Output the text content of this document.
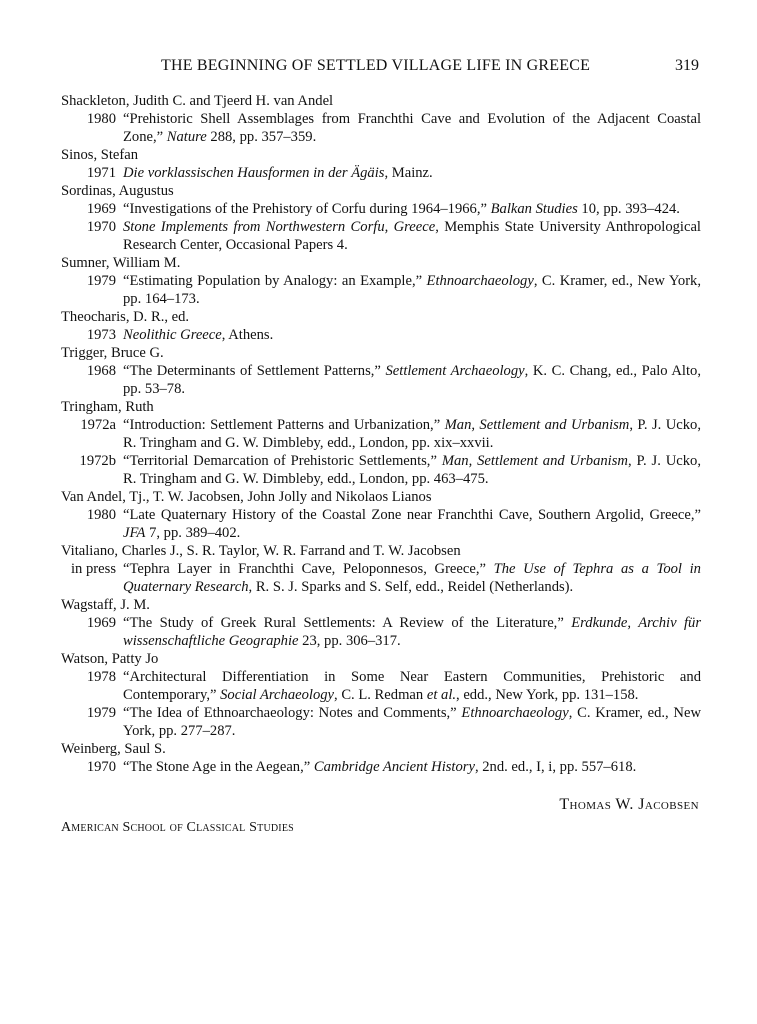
THE BEGINNING OF SETTLED VILLAGE LIFE IN GREECE	319
Shackleton, Judith C. and Tjeerd H. van Andel
1980 “Prehistoric Shell Assemblages from Franchthi Cave and Evolution of the Adjacent Coastal Zone,” Nature 288, pp. 357–359.
Sinos, Stefan
1971 Die vorklassischen Hausformen in der Ägäis, Mainz.
Sordinas, Augustus
1969 “Investigations of the Prehistory of Corfu during 1964–1966,” Balkan Studies 10, pp. 393–424.
1970 Stone Implements from Northwestern Corfu, Greece, Memphis State University Anthropological Research Center, Occasional Papers 4.
Sumner, William M.
1979 “Estimating Population by Analogy: an Example,” Ethnoarchaeology, C. Kramer, ed., New York, pp. 164–173.
Theocharis, D. R., ed.
1973 Neolithic Greece, Athens.
Trigger, Bruce G.
1968 “The Determinants of Settlement Patterns,” Settlement Archaeology, K. C. Chang, ed., Palo Alto, pp. 53–78.
Tringham, Ruth
1972a “Introduction: Settlement Patterns and Urbanization,” Man, Settlement and Urbanism, P. J. Ucko, R. Tringham and G. W. Dimbleby, edd., London, pp. xix–xxvii.
1972b “Territorial Demarcation of Prehistoric Settlements,” Man, Settlement and Urbanism, P. J. Ucko, R. Tringham and G. W. Dimbleby, edd., London, pp. 463–475.
Van Andel, Tj., T. W. Jacobsen, John Jolly and Nikolaos Lianos
1980 “Late Quaternary History of the Coastal Zone near Franchthi Cave, Southern Argolid, Greece,” JFA 7, pp. 389–402.
Vitaliano, Charles J., S. R. Taylor, W. R. Farrand and T. W. Jacobsen
in press “Tephra Layer in Franchthi Cave, Peloponnesos, Greece,” The Use of Tephra as a Tool in Quaternary Research, R. S. J. Sparks and S. Self, edd., Reidel (Netherlands).
Wagstaff, J. M.
1969 “The Study of Greek Rural Settlements: A Review of the Literature,” Erdkunde, Archiv für wissenschaftliche Geographie 23, pp. 306–317.
Watson, Patty Jo
1978 “Architectural Differentiation in Some Near Eastern Communities, Prehistoric and Contemporary,” Social Archaeology, C. L. Redman et al., edd., New York, pp. 131–158.
1979 “The Idea of Ethnoarchaeology: Notes and Comments,” Ethnoarchaeology, C. Kramer, ed., New York, pp. 277–287.
Weinberg, Saul S.
1970 “The Stone Age in the Aegean,” Cambridge Ancient History, 2nd. ed., I, i, pp. 557–618.
Thomas W. Jacobsen
American School of Classical Studies
